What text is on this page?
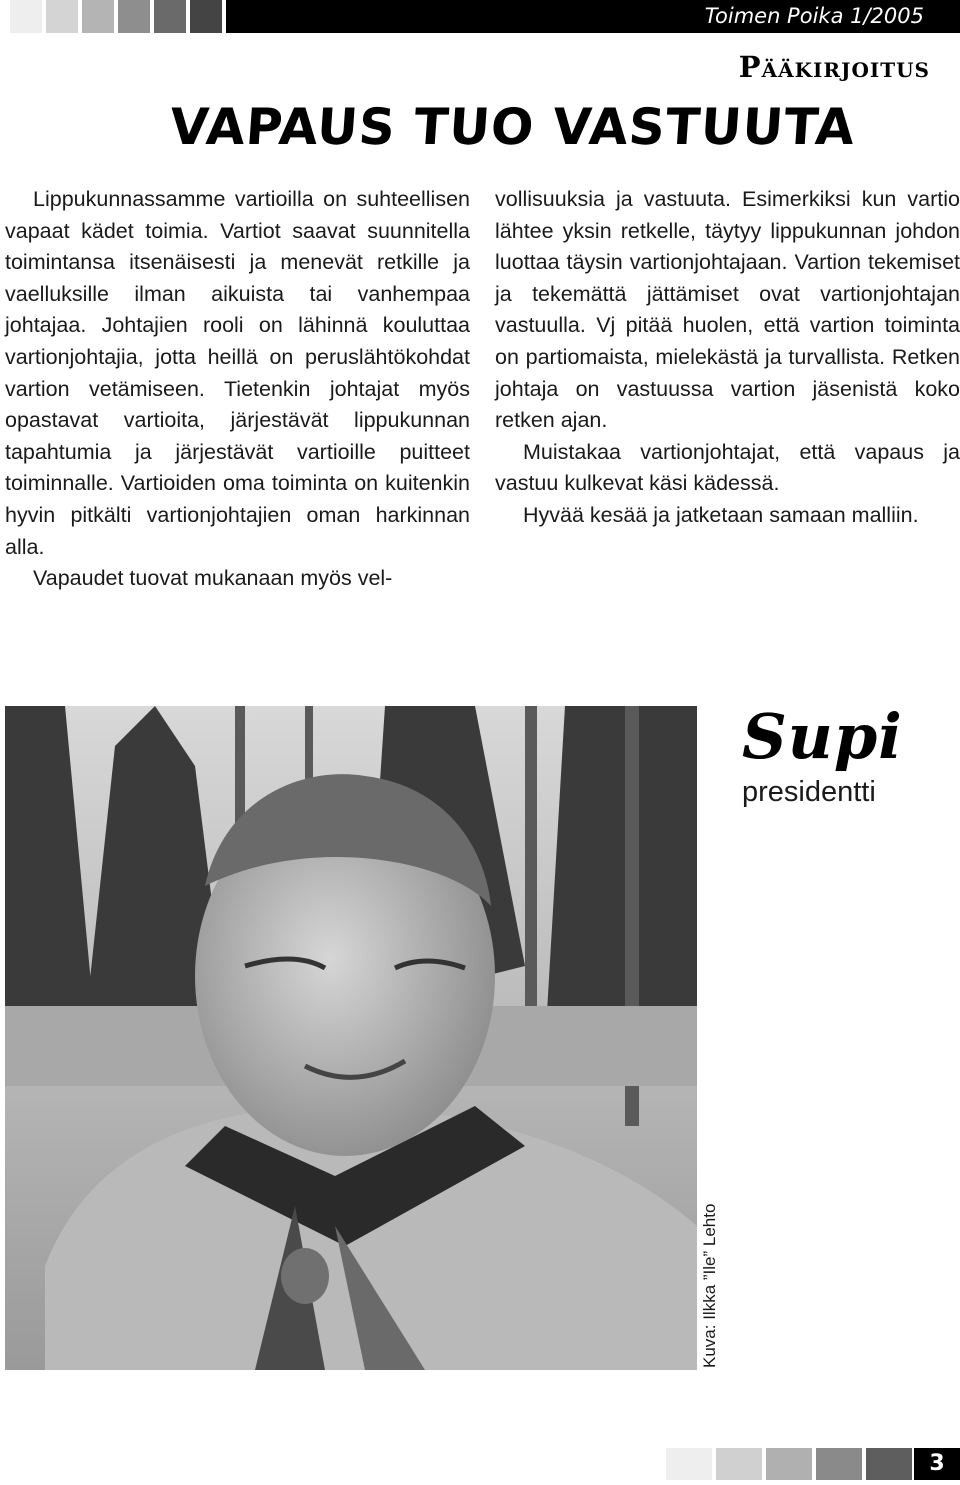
Toimen Poika 1/2005
Pääkirjoitus
VAPAUS TUO VASTUUTA

Lippukunnassamme vartioilla on suhteellisen vapaat kädet toimia. Vartiot saavat suunnitella toimintansa itsenäisesti ja menevät retkille ja vaelluksille ilman aikuista tai vanhempaa johtajaa. Johtajien rooli on lähinnä kouluttaa vartionjohtajia, jotta heillä on peruslähtökohdat vartion vetämiseen. Tietenkin johtajat myös opastavat vartioita, järjestävät lippukunnan tapahtumia ja järjestävät vartioille puitteet toiminnalle. Vartioiden oma toiminta on kuitenkin hyvin pitkälti vartionjohtajien oman harkinnan alla.

Vapaudet tuovat mukanaan myös vel-

vollisuuksia ja vastuuta. Esimerkiksi kun vartio lähtee yksin retkelle, täytyy lippukunnan johdon luottaa täysin vartionjohtajaan. Vartion tekemiset ja tekemättä jättämiset ovat vartionjohtajan vastuulla. Vj pitää huolen, että vartion toiminta on partiomaista, mielekästä ja turvallista. Retken johtaja on vastuussa vartion jäsenistä koko retken ajan.

Muistakaa vartionjohtajat, että vapaus ja vastuu kulkevat käsi kädessä.

Hyvää kesää ja jatketaan samaan malliin.

Kuva: Ilkka ”Ile” Lehto
Supi
presidentti
3
